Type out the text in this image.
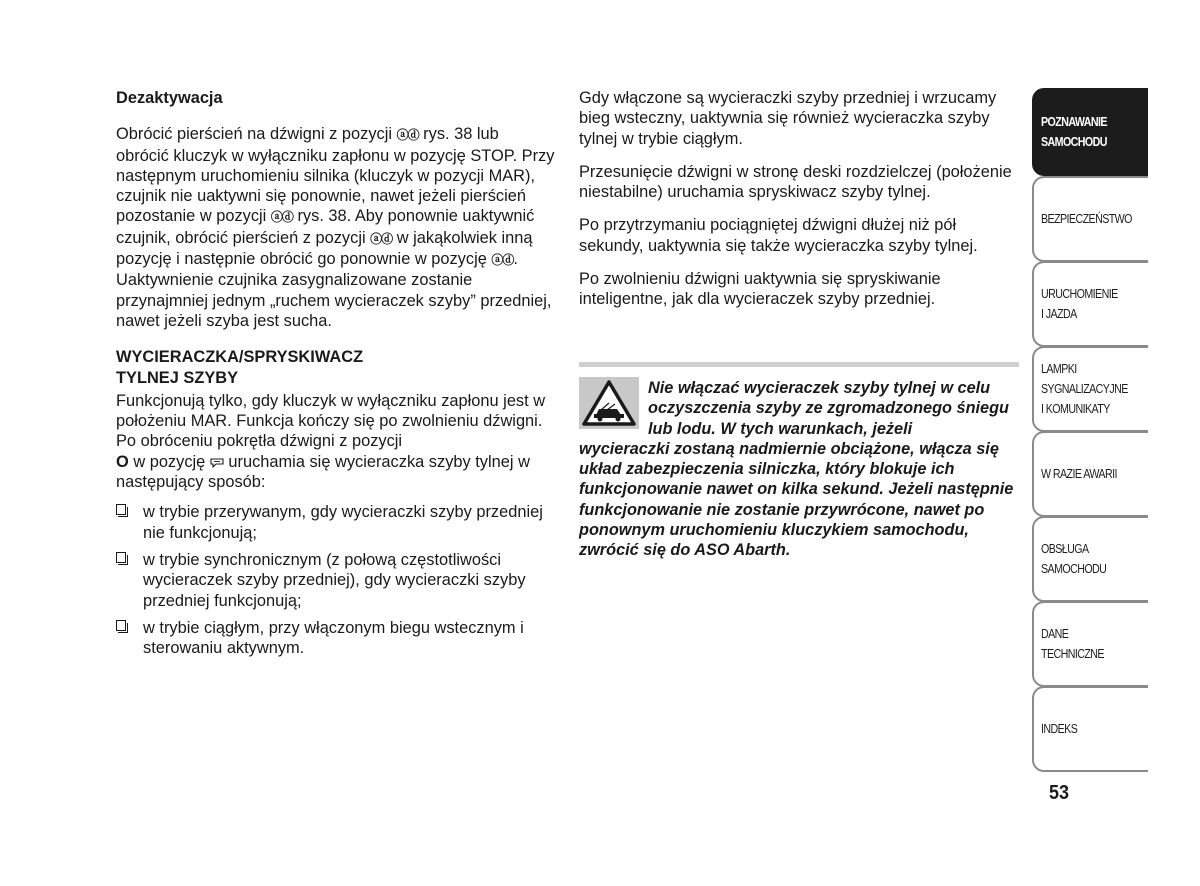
Dezaktywacja

Obrócić pierścień na dźwigni z pozycji ⓐⓓ rys. 38 lub obrócić kluczyk w wyłączniku zapłonu w pozycję STOP. Przy następnym uruchomieniu silnika (kluczyk w pozycji MAR), czujnik nie uaktywni się ponownie, nawet jeżeli pierścień pozostanie w pozycji ⓐⓓ rys. 38. Aby ponownie uaktywnić czujnik, obrócić pierścień z pozycji ⓐⓓ w jakąkolwiek inną pozycję i następnie obrócić go ponownie w pozycję ⓐⓓ. Uaktywnienie czujnika zasygnalizowane zostanie przynajmniej jednym „ruchem wycieraczek szyby” przedniej, nawet jeżeli szyba jest sucha.

WYCIERACZKA/SPRYSKIWACZ
TYLNEJ SZYBY

Funkcjonują tylko, gdy kluczyk w wyłączniku zapłonu jest w położeniu MAR. Funkcja kończy się po zwolnieniu dźwigni. Po obróceniu pokrętła dźwigni z pozycji
O w pozycję uruchamia się wycieraczka szyby tylnej w następujący sposób:

w trybie przerywanym, gdy wycieraczki szyby przedniej nie funkcjonują;
w trybie synchronicznym (z połową częstotliwości wycieraczek szyby przedniej), gdy wycieraczki szyby przedniej funkcjonują;
w trybie ciągłym, przy włączonym biegu wstecznym i sterowaniu aktywnym.

Gdy włączone są wycieraczki szyby przedniej i wrzucamy bieg wsteczny, uaktywnia się również wycieraczka szyby tylnej w trybie ciągłym.

Przesunięcie dźwigni w stronę deski rozdzielczej (położenie niestabilne) uruchamia spryskiwacz szyby tylnej.

Po przytrzymaniu pociągniętej dźwigni dłużej niż pół sekundy, uaktywnia się także wycieraczka szyby tylnej.

Po zwolnieniu dźwigni uaktywnia się spryskiwanie inteligentne, jak dla wycieraczek szyby przedniej.

Nie włączać wycieraczek szyby tylnej w celu oczyszczenia szyby ze zgromadzonego śniegu lub lodu. W tych warunkach, jeżeli
wycieraczki zostaną nadmiernie obciążone, włącza się układ zabezpieczenia silniczka, który blokuje ich funkcjonowanie nawet on kilka sekund. Jeżeli następnie funkcjonowanie nie zostanie przywrócone, nawet po ponownym uruchomieniu kluczykiem samochodu, zwrócić się do ASO Abarth.

POZNAWANIE
SAMOCHODU
BEZPIECZEŃSTWO
URUCHOMIENIE
I JAZDA
LAMPKI
SYGNALIZACYJNE
I KOMUNIKATY
W RAZIE AWARII
OBSŁUGA
SAMOCHODU
DANE
TECHNICZNE
INDEKS
53
